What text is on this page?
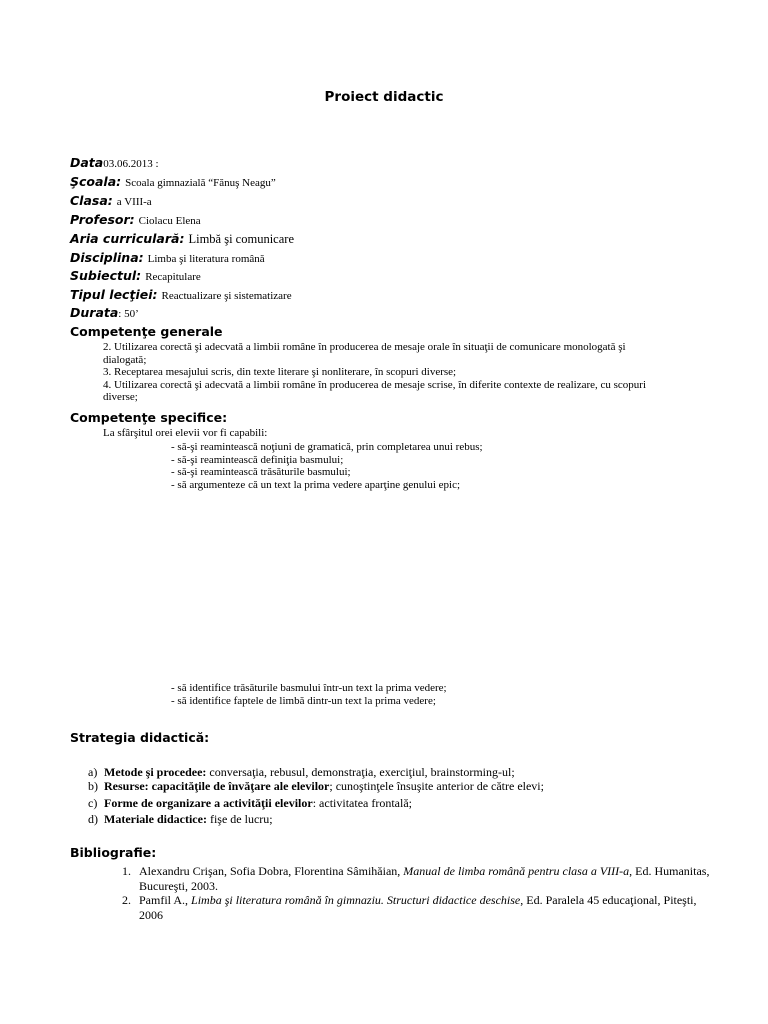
Proiect didactic
Data03.06.2013 :
Şcoala: Scoala gimnazială “Fănuş Neagu”
Clasa: a VIII-a
Profesor: Ciolacu Elena
Aria curriculară: Limbă şi comunicare
Disciplina: Limba şi literatura română
Subiectul: Recapitulare
Tipul lecţiei: Reactualizare şi sistematizare
Durata: 50’
Competenţe generale
2. Utilizarea corectă şi adecvată a limbii române în producerea de mesaje orale în situaţii de comunicare monologată şi
dialogată;
3. Receptarea mesajului scris, din texte literare şi nonliterare, în scopuri diverse;
4. Utilizarea corectă şi adecvată a limbii române în producerea de mesaje scrise, în diferite contexte de realizare, cu scopuri
diverse;
Competenţe specifice:
La sfârşitul orei elevii vor fi capabili:
- să-şi reamintească noţiuni de gramatică, prin completarea unui rebus;
- să-şi reamintească definiţia basmului;
- să-şi reamintească trăsăturile basmului;
- să argumenteze că un text la prima vedere aparţine genului epic;
- să identifice trăsăturile basmului într-un text la prima vedere;
- să identifice faptele de limbă dintr-un text la prima vedere;
Strategia didactică:
a) Metode şi procedee: conversaţia, rebusul, demonstraţia, exerciţiul, brainstorming-ul;
b) Resurse: capacităţile de învăţare ale elevilor; cunoştinţele însuşite anterior de către elevi;
c) Forme de organizare a activităţii elevilor: activitatea frontală;
d) Materiale didactice: fişe de lucru;
Bibliografie:
1. Alexandru Crişan, Sofia Dobra, Florentina Sâmihăian, Manual de limba română pentru clasa a VIII-a, Ed. Humanitas, Bucureşti, 2003.
2. Pamfil A., Limba şi literatura română în gimnaziu. Structuri didactice deschise, Ed. Paralela 45 educaţional, Piteşti, 2006
